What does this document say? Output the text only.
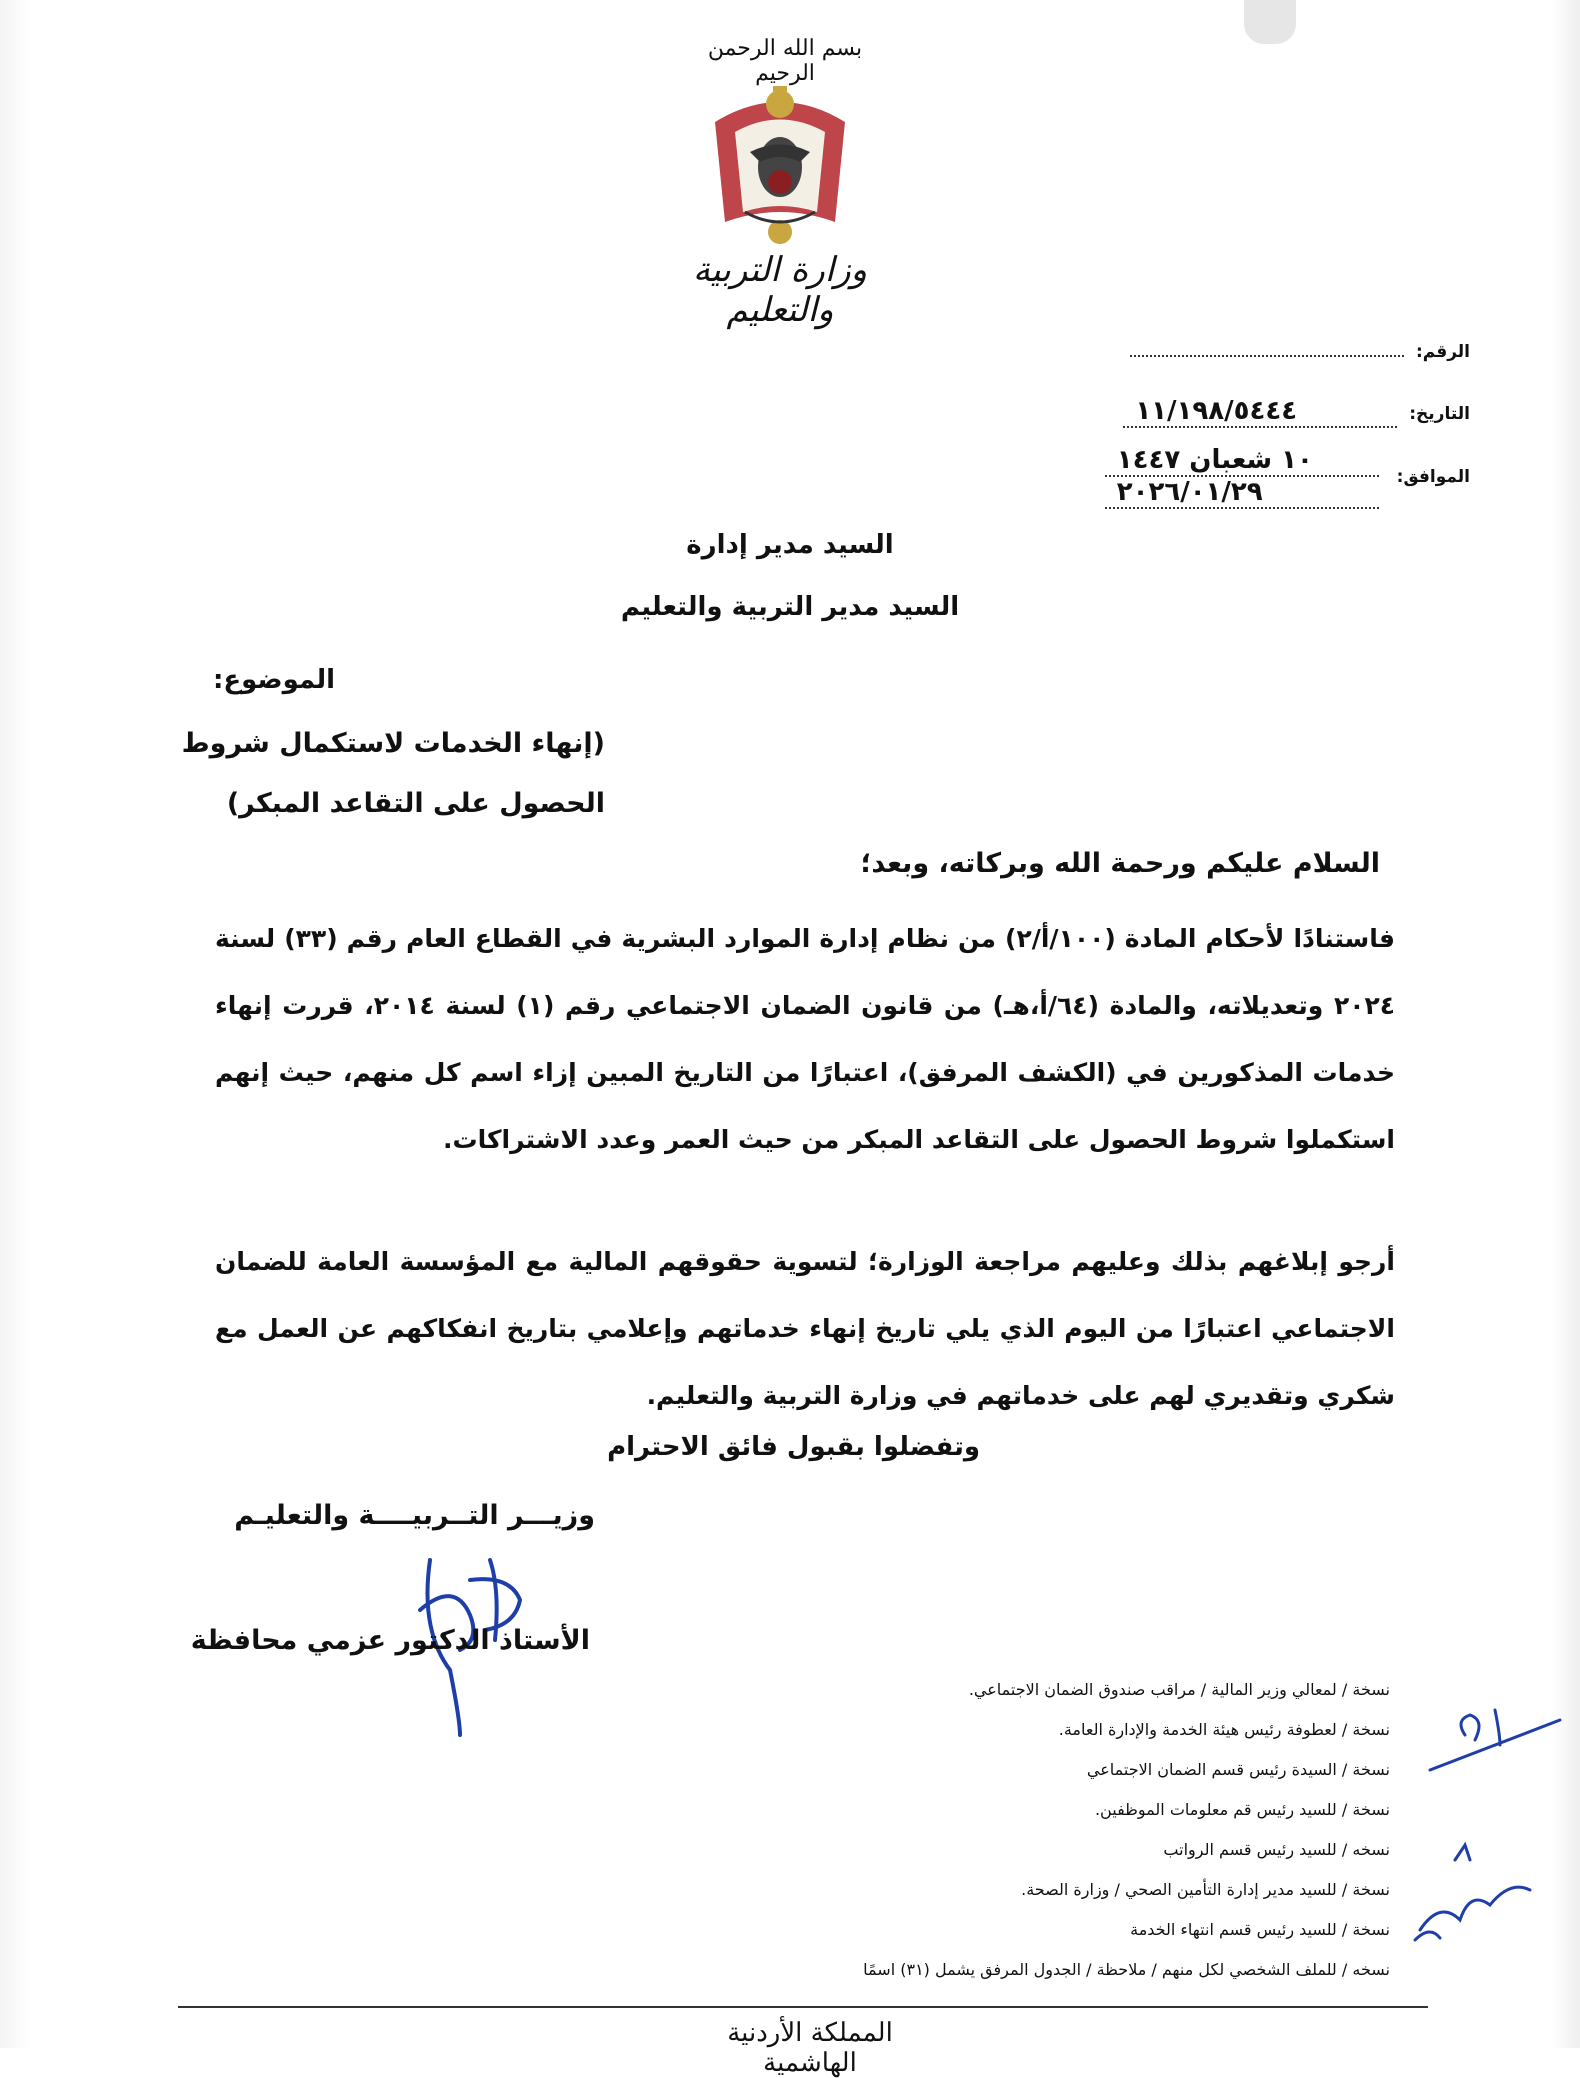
بسم الله الرحمن الرحيم
وزارة التربية والتعليم
الرقم:
التاريخ: ١١/١٩٨/٥٤٤٤
الموافق:
١٠ شعبان ١٤٤٧
٢٠٢٦/٠١/٢٩
السيد مدير إدارة
السيد مدير التربية والتعليم
الموضوع:
(إنهاء الخدمات لاستكمال شروط
الحصول على التقاعد المبكر)
السلام عليكم ورحمة الله وبركاته، وبعد؛
فاستنادًا لأحكام المادة (١٠٠/أ/٢) من نظام إدارة الموارد البشرية في القطاع العام رقم (٣٣) لسنة ٢٠٢٤ وتعديلاته، والمادة (٦٤/أ،هـ) من قانون الضمان الاجتماعي رقم (١) لسنة ٢٠١٤، قررت إنهاء خدمات المذكورين في (الكشف المرفق)، اعتبارًا من التاريخ المبين إزاء اسم كل منهم، حيث إنهم استكملوا شروط الحصول على التقاعد المبكر من حيث العمر وعدد الاشتراكات.
أرجو إبلاغهم بذلك وعليهم مراجعة الوزارة؛ لتسوية حقوقهم المالية مع المؤسسة العامة للضمان الاجتماعي اعتبارًا من اليوم الذي يلي تاريخ إنهاء خدماتهم وإعلامي بتاريخ انفكاكهم عن العمل مع شكري وتقديري لهم على خدماتهم في وزارة التربية والتعليم.
وتفضلوا بقبول فائق الاحترام
وزيـــر التــربيــــة والتعليـم
الأستاذ الدكتور عزمي محافظة
نسخة / لمعالي وزير المالية / مراقب صندوق الضمان الاجتماعي.
نسخة / لعطوفة رئيس هيئة الخدمة والإدارة العامة.
نسخة / السيدة رئيس قسم الضمان الاجتماعي
نسخة / للسيد رئيس قم معلومات الموظفين.
نسخه / للسيد رئيس قسم الرواتب
نسخة / للسيد مدير إدارة التأمين الصحي / وزارة الصحة.
نسخة / للسيد رئيس قسم انتهاء الخدمة
نسخه / للملف الشخصي لكل منهم / ملاحظة / الجدول المرفق يشمل (٣١) اسمًا
المملكة الأردنية الهاشمية
